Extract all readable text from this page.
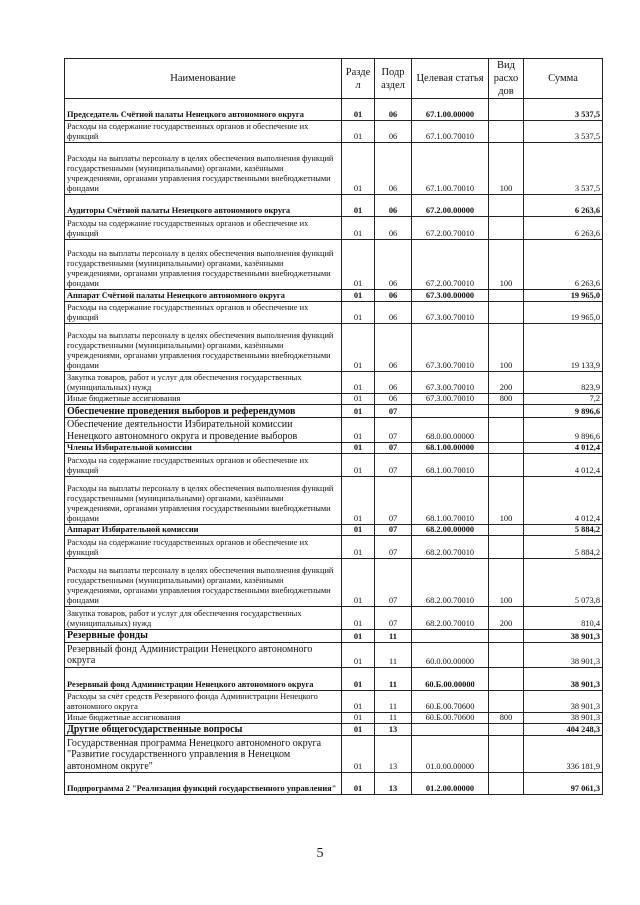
Наименование	Разде л	Подр аздел	Целевая статья	Вид расхо дов	Сумма
Председатель Счётной палаты Ненецкого автономного округа	01	06	67.1.00.00000		3 537,5
Расходы на содержание государственных органов и обеспечение их функций	01	06	67.1.00.70010		3 537,5
Расходы на выплаты персоналу в целях обеспечения выполнения функций государственными (муниципальными) органами, казёнными учреждениями, органами управления государственными внебюджетными фондами	01	06	67.1.00.70010	100	3 537,5
Аудиторы Счётной палаты Ненецкого автономного округа	01	06	67.2.00.00000		6 263,6
Расходы на содержание государственных органов и обеспечение их функций	01	06	67.2.00.70010		6 263,6
Расходы на выплаты персоналу в целях обеспечения выполнения функций государственными (муниципальными) органами, казёнными учреждениями, органами управления государственными внебюджетными фондами	01	06	67.2.00.70010	100	6 263,6
Аппарат Счётной палаты Ненецкого автономного округа	01	06	67.3.00.00000		19 965,0
Расходы на содержание государственных органов и обеспечение их функций	01	06	67.3.00.70010		19 965,0
Расходы на выплаты персоналу в целях обеспечения выполнения функций государственными (муниципальными) органами, казёнными учреждениями, органами управления государственными внебюджетными фондами	01	06	67.3.00.70010	100	19 133,9
Закупка товаров, работ и услуг для обеспечения государственных (муниципальных) нужд	01	06	67.3.00.70010	200	823,9
Иные бюджетные ассигнования	01	06	67.3.00.70010	800	7,2
Обеспечение проведения выборов и референдумов	01	07			9 896,6
Обеспечение деятельности Избирательной комиссии Ненецкого автономного округа и проведение выборов	01	07	68.0.00.00000		9 896,6
Члены Избирательной комиссии	01	07	68.1.00.00000		4 012,4
Расходы на содержание государственных органов и обеспечение их функций	01	07	68.1.00.70010		4 012,4
Расходы на выплаты персоналу в целях обеспечения выполнения функций государственными (муниципальными) органами, казёнными учреждениями, органами управления государственными внебюджетными фондами	01	07	68.1.00.70010	100	4 012,4
Аппарат Избирательной комиссии	01	07	68.2.00.00000		5 884,2
Расходы на содержание государственных органов и обеспечение их функций	01	07	68.2.00.70010		5 884,2
Расходы на выплаты персоналу в целях обеспечения выполнения функций государственными (муниципальными) органами, казёнными учреждениями, органами управления государственными внебюджетными фондами	01	07	68.2.00.70010	100	5 073,8
Закупка товаров, работ и услуг для обеспечения государственных (муниципальных) нужд	01	07	68.2.00.70010	200	810,4
Резервные фонды	01	11			38 901,3
Резервный фонд Администрации Ненецкого автономного округа	01	11	60.0.00.00000		38 901,3
Резервный фонд Администрации Ненецкого автономного округа	01	11	60.Б.00.00000		38 901,3
Расходы за счёт средств Резервного фонда Администрации Ненецкого автономного округа	01	11	60.Б.00.70600		38 901,3
Иные бюджетные ассигнования	01	11	60.Б.00.70600	800	38 901,3
Другие общегосударственные вопросы	01	13			404 248,3
Государственная программа Ненецкого автономного округа "Развитие государственного управления в Ненецком автономном округе"	01	13	01.0.00.00000		336 181,9
Подпрограмма 2 "Реализация функций государственного управления"	01	13	01.2.00.00000		97 061,3
5
